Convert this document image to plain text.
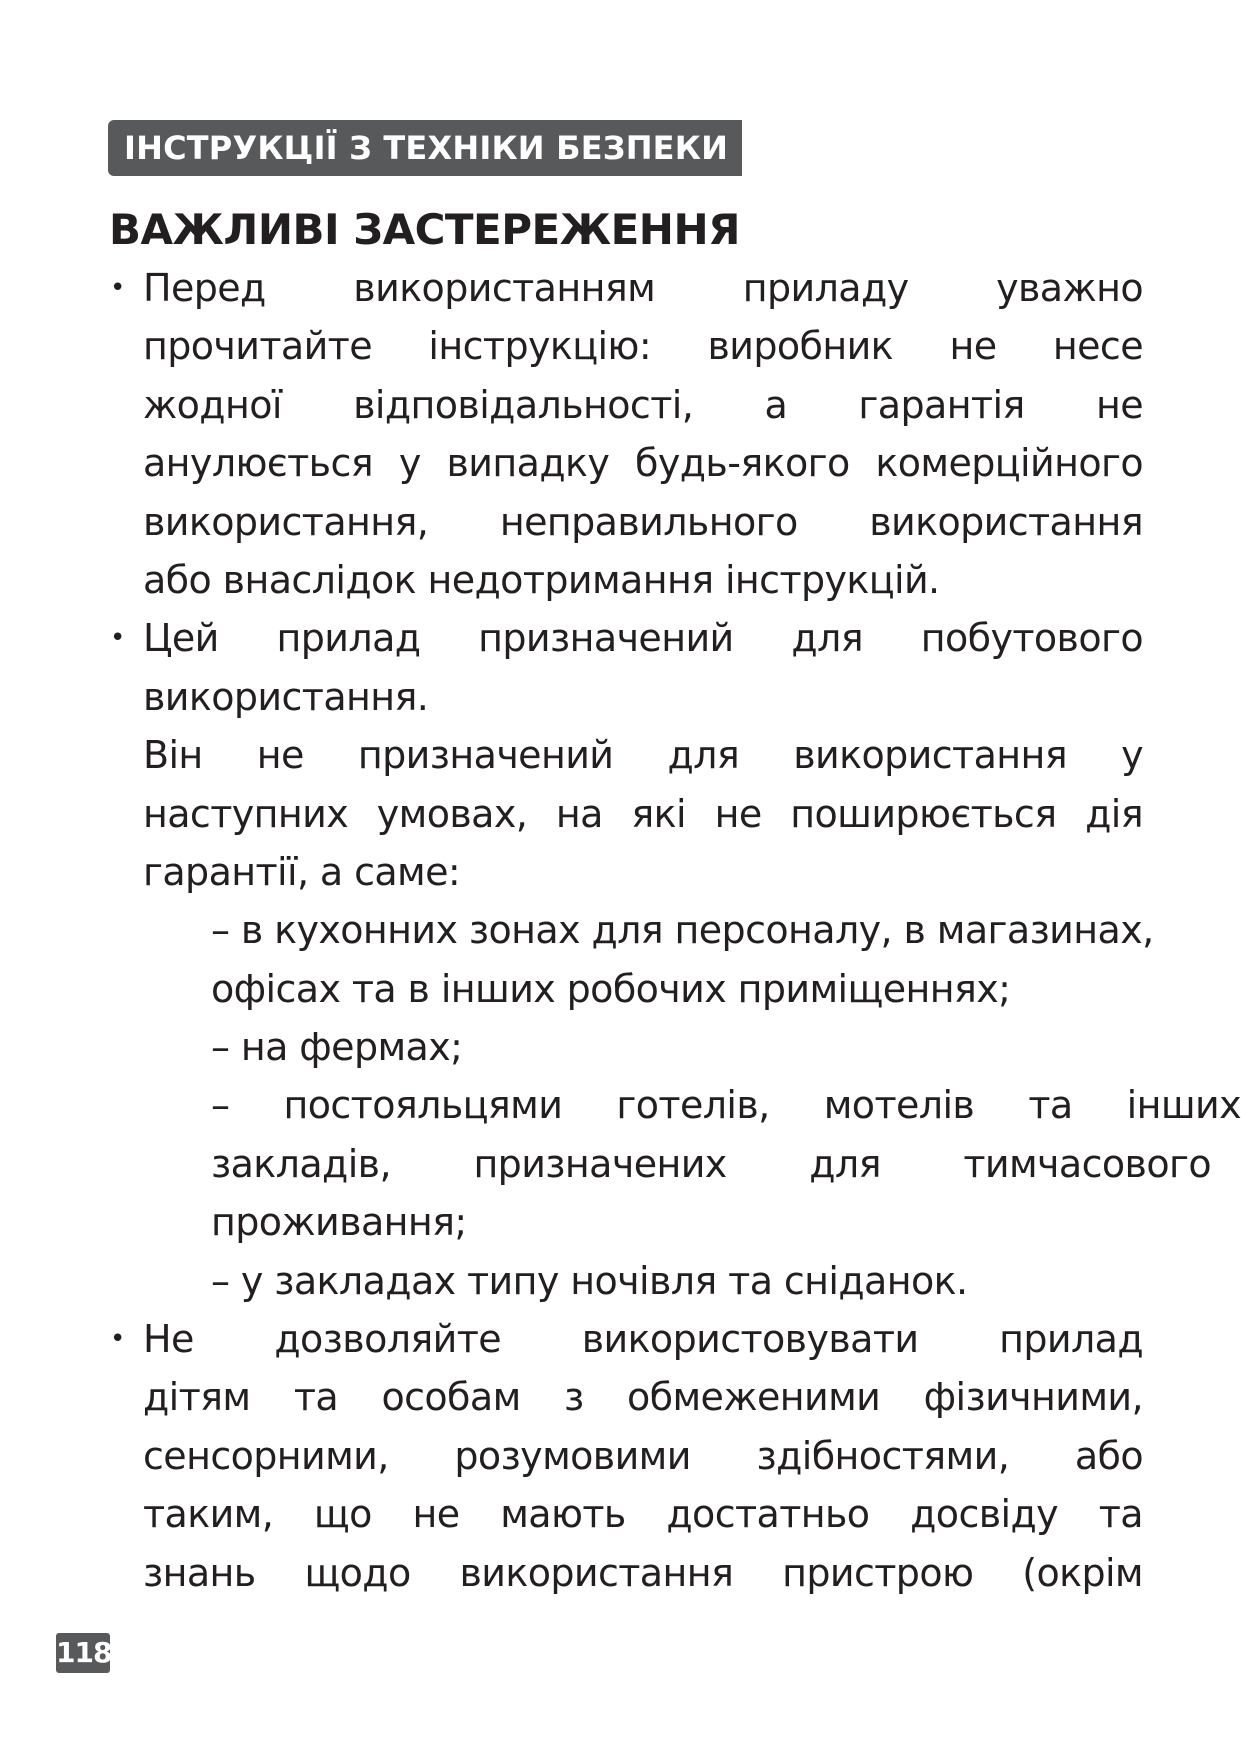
ІНСТРУКЦІЇ З ТЕХНІКИ БЕЗПЕКИ
ВАЖЛИВІ ЗАСТЕРЕЖЕННЯ
• Перед використанням приладу уважно
прочитайте інструкцію: виробник не несе
жодної відповідальності, а гарантія не
анулюється у випадку будь-якого комерційного
використання, неправильного використання
або внаслідок недотримання інструкцій.
• Цей прилад призначений для побутового
використання.
Він не призначений для використання у
наступних умовах, на які не поширюється дія
гарантії, а саме:
– в кухонних зонах для персоналу, в магазинах,
офісах та в інших робочих приміщеннях;
– на фермах;
– постояльцями готелів, мотелів та інших
закладів, призначених для тимчасового
проживання;
– у закладах типу ночівля та сніданок.
• Не дозволяйте використовувати прилад
дітям та особам з обмеженими фізичними,
сенсорними, розумовими здібностями, або
таким, що не мають достатньо досвіду та
знань щодо використання пристрою (окрім
118
